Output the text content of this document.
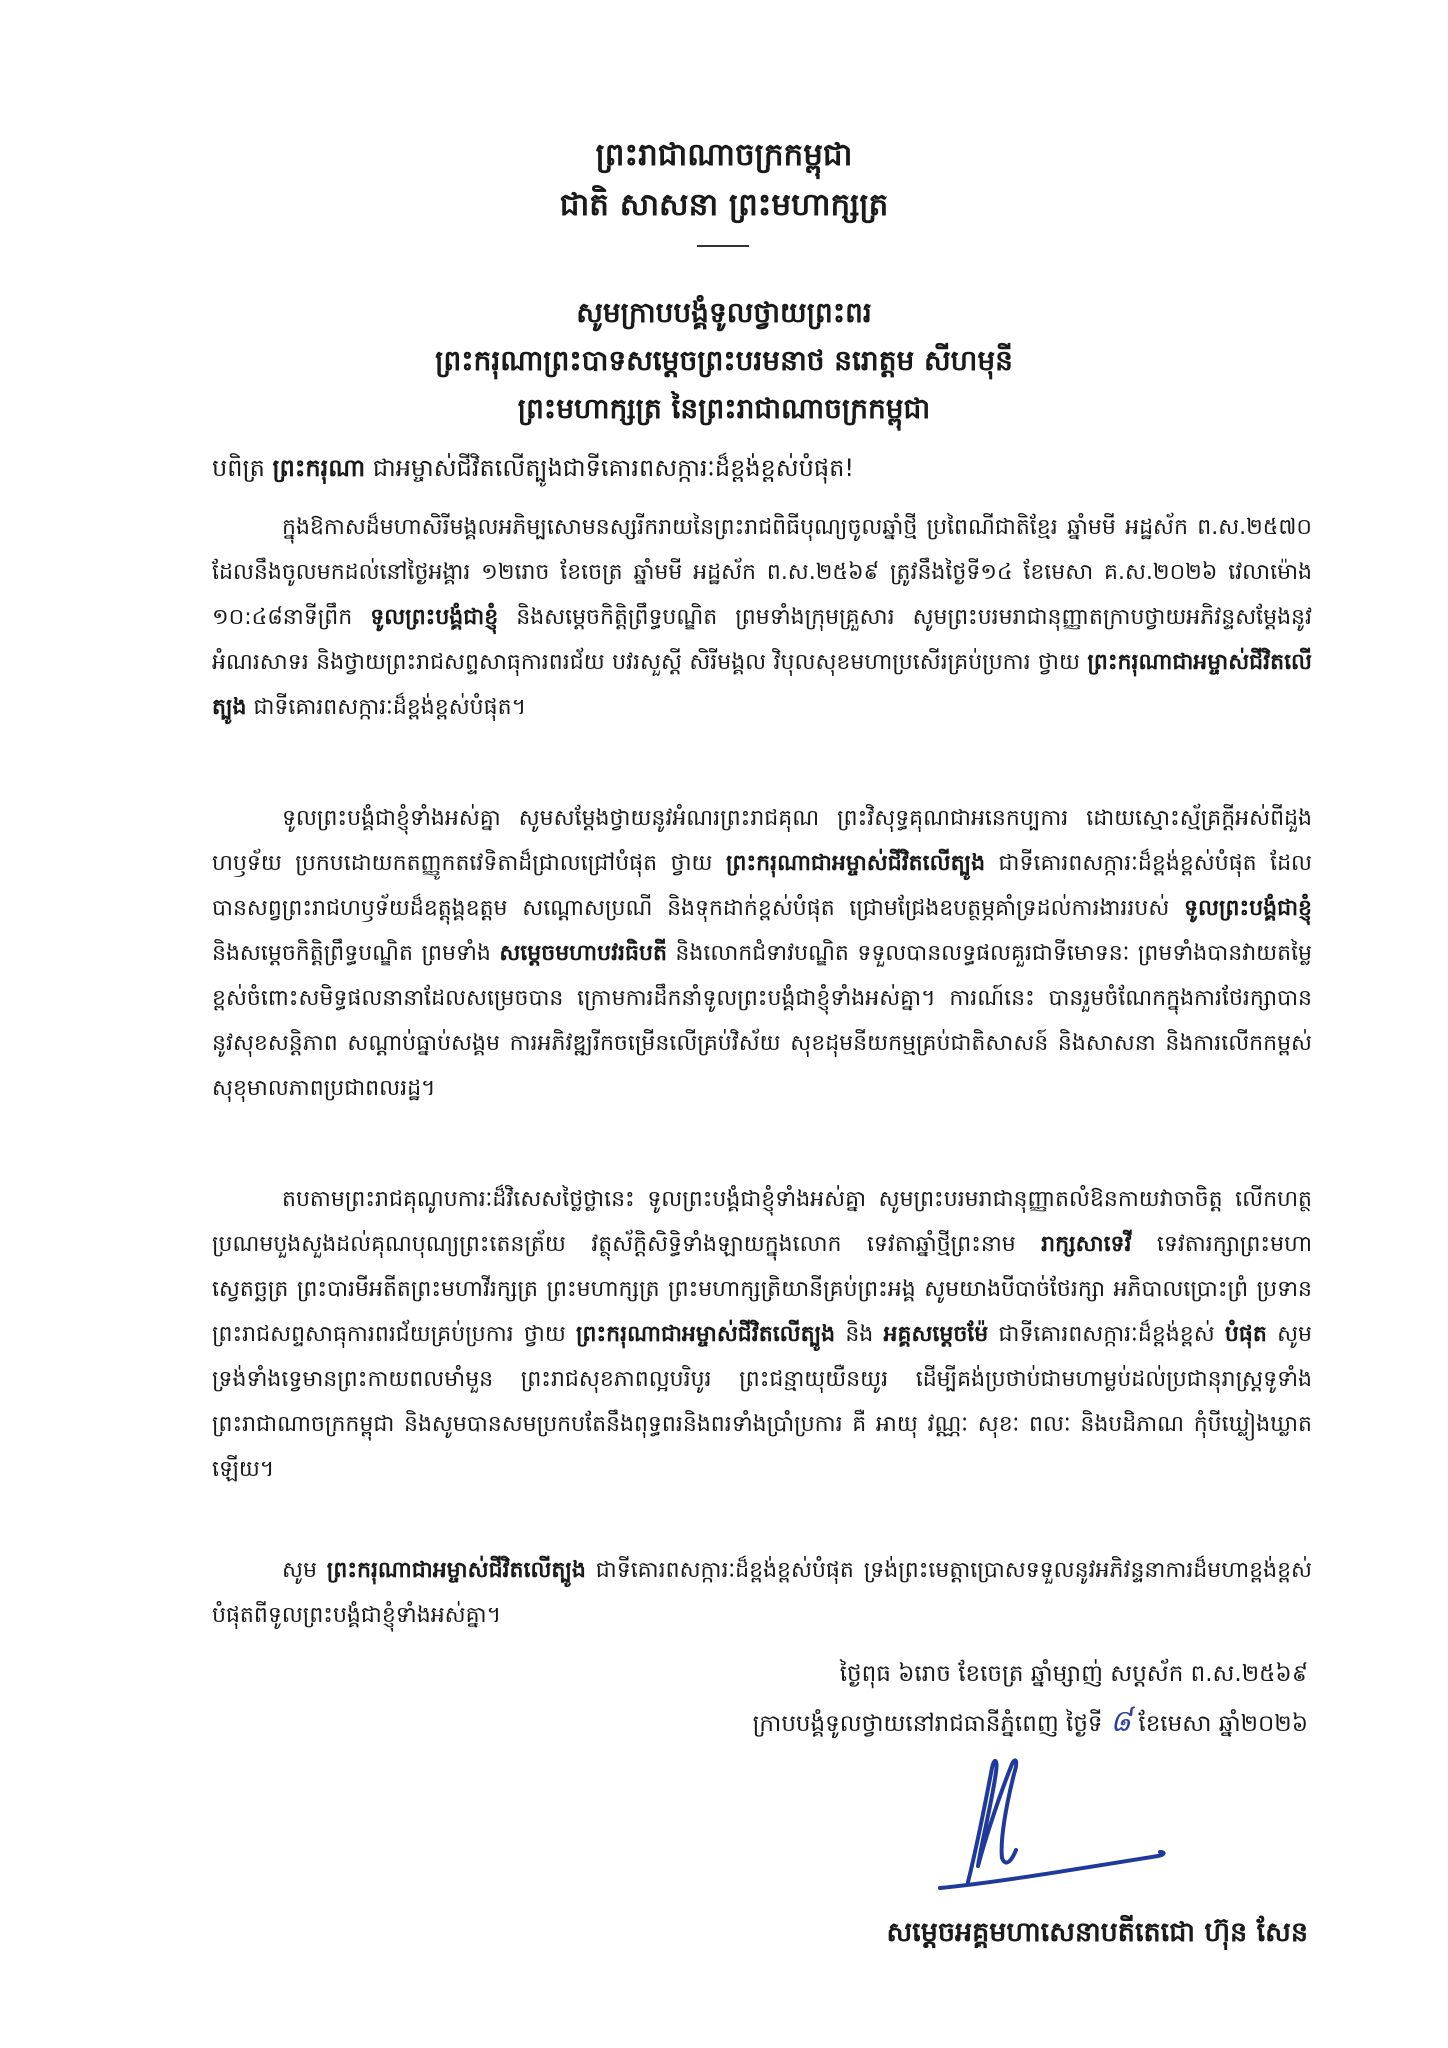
ព្រះរាជាណាចក្រកម្ពុជា
ជាតិ សាសនា ព្រះមហាក្សត្រ
សូមក្រាបបង្គំទូលថ្វាយព្រះពរ
ព្រះករុណាព្រះបាទសម្តេចព្រះបរមនាថ នរោត្តម សីហមុនី
ព្រះមហាក្សត្រ នៃព្រះរាជាណាចក្រកម្ពុជា
បពិត្រ ព្រះករុណា ជាអម្ចាស់ជីវិតលើត្បូងជាទីគោរពសក្ការៈដ៏ខ្ពង់ខ្ពស់បំផុត!
ក្នុងឱកាសដ៏មហាសិរីមង្គលអភិម្បសោមនស្សរីករាយនៃព្រះរាជពិធីបុណ្យចូលឆ្នាំថ្មី ប្រពៃណីជាតិខ្មែរ ឆ្នាំមមី អដ្ឋស័ក ព.ស.២៥៧០ ដែលនឹងចូលមកដល់នៅថ្ងៃអង្គារ ១២រោច ខែចេត្រ ឆ្នាំមមី អដ្ឋស័ក ព.ស.២៥៦៩ ត្រូវនឹងថ្ងៃទី១៤ ខែមេសា គ.ស.២០២៦ វេលាម៉ោង ១០:៤៨នាទីព្រឹក ទូលព្រះបង្គំជាខ្ញុំ និងសម្តេចកិត្តិព្រឹទ្ធបណ្ឌិត ព្រមទាំងក្រុមគ្រួសារ សូមព្រះបរមរាជានុញ្ញាតក្រាបថ្វាយអភិវន្ទសម្តែងនូវអំណរសាទរ និងថ្វាយព្រះរាជសព្ទសាធុការពរជ័យ បវរសួស្តី សិរីមង្គល វិបុលសុខមហាប្រសើរគ្រប់ប្រការ ថ្វាយ ព្រះករុណាជាអម្ចាស់ជីវិតលើត្បូង ជាទីគោរពសក្ការៈដ៏ខ្ពង់ខ្ពស់បំផុត។
ទូលព្រះបង្គំជាខ្ញុំទាំងអស់គ្នា សូមសម្តែងថ្វាយនូវអំណរព្រះរាជគុណ ព្រះវិសុទ្ធគុណជាអនេកប្បការ ដោយស្មោះស្ម័គ្រក្តីអស់ពីដួងហឫទ័យ ប្រកបដោយកតញ្ញូកតវេទិតាដ៏ជ្រាលជ្រៅបំផុត ថ្វាយ ព្រះករុណាជាអម្ចាស់ជីវិតលើត្បូង ជាទីគោរពសក្ការៈដ៏ខ្ពង់ខ្ពស់បំផុត ដែលបានសព្វព្រះរាជហឫទ័យដ៏ឧត្តុង្គឧត្តម សណ្តោសប្រណី និងទុកដាក់ខ្ពស់បំផុត ជ្រោមជ្រែងឧបត្ថម្ភគាំទ្រដល់ការងាររបស់ ទូលព្រះបង្គំជាខ្ញុំ និងសម្តេចកិត្តិព្រឹទ្ធបណ្ឌិត ព្រមទាំង សម្តេចមហាបវរធិបតី និងលោកជំទាវបណ្ឌិត ទទួលបានលទ្ធផលគួរជាទីមោទនៈ ព្រមទាំងបានវាយតម្លៃខ្ពស់ចំពោះសមិទ្ធផលនានាដែលសម្រេចបាន ក្រោមការដឹកនាំទូលព្រះបង្គំជាខ្ញុំទាំងអស់គ្នា។ ការណ៍នេះ បានរួមចំណែកក្នុងការថែរក្សាបាននូវសុខសន្តិភាព សណ្តាប់ធ្នាប់សង្គម ការអភិវឌ្ឍរីកចម្រើនលើគ្រប់វិស័យ សុខដុមនីយកម្មគ្រប់ជាតិសាសន៍ និងសាសនា និងការលើកកម្ពស់សុខុមាលភាពប្រជាពលរដ្ឋ។
តបតាមព្រះរាជគុណូបការៈដ៏វិសេសថ្លៃថ្លានេះ ទូលព្រះបង្គំជាខ្ញុំទាំងអស់គ្នា សូមព្រះបរមរាជានុញ្ញាតលំឱនកាយវាចាចិត្ត លើកហត្ថប្រណមបួងសួងដល់គុណបុណ្យព្រះតេនត្រ័យ វត្ថុស័ក្តិសិទ្ធិទាំងឡាយក្នុងលោក ទេវតាឆ្នាំថ្មីព្រះនាម រាក្សសាទេវី ទេវតារក្សាព្រះមហាស្វេតច្ឆត្រ ព្រះបារមីអតីតព្រះមហាវីរក្សត្រ ព្រះមហាក្សត្រ ព្រះមហាក្សត្រិយានីគ្រប់ព្រះអង្គ សូមយាងបីបាច់ថែរក្សា អភិបាលប្រោះព្រំ ប្រទានព្រះរាជសព្ទសាធុការពរជ័យគ្រប់ប្រការ ថ្វាយ ព្រះករុណាជាអម្ចាស់ជីវិតលើត្បូង និង អគ្គសម្តេចម៉ែ ជាទីគោរពសក្ការៈដ៏ខ្ពង់ខ្ពស់ បំផុត សូមទ្រង់ទាំងទ្វេមានព្រះកាយពលមាំមួន ព្រះរាជសុខភាពល្អបរិបូរ ព្រះជន្មាយុយឺនយូរ ដើម្បីគង់ប្រថាប់ជាមហាម្លប់ដល់ប្រជានុរាស្ត្រទូទាំងព្រះរាជាណាចក្រកម្ពុជា និងសូមបានសមប្រកបតែនឹងពុទ្ធពរនិងពរទាំងប្រាំប្រការ គឺ អាយុ វណ្ណៈ សុខៈ ពលៈ និងបដិភាណ កុំបីឃ្លៀងឃ្លាតឡើយ។
សូម ព្រះករុណាជាអម្ចាស់ជីវិតលើត្បូង ជាទីគោរពសក្ការៈដ៏ខ្ពង់ខ្ពស់បំផុត ទ្រង់ព្រះមេត្តាប្រោសទទួលនូវអភិវន្ទនាការដ៏មហាខ្ពង់ខ្ពស់បំផុតពីទូលព្រះបង្គំជាខ្ញុំទាំងអស់គ្នា។
ថ្ងៃពុធ ៦រោច ខែចេត្រ ឆ្នាំម្សាញ់ សប្តស័ក ព.ស.២៥៦៩
ក្រាបបង្គំទូលថ្វាយនៅរាជធានីភ្នំពេញ ថ្ងៃទី ៨ ខែមេសា ឆ្នាំ២០២៦
សម្តេចអគ្គមហាសេនាបតីតេជោ ហ៊ុន សែន
